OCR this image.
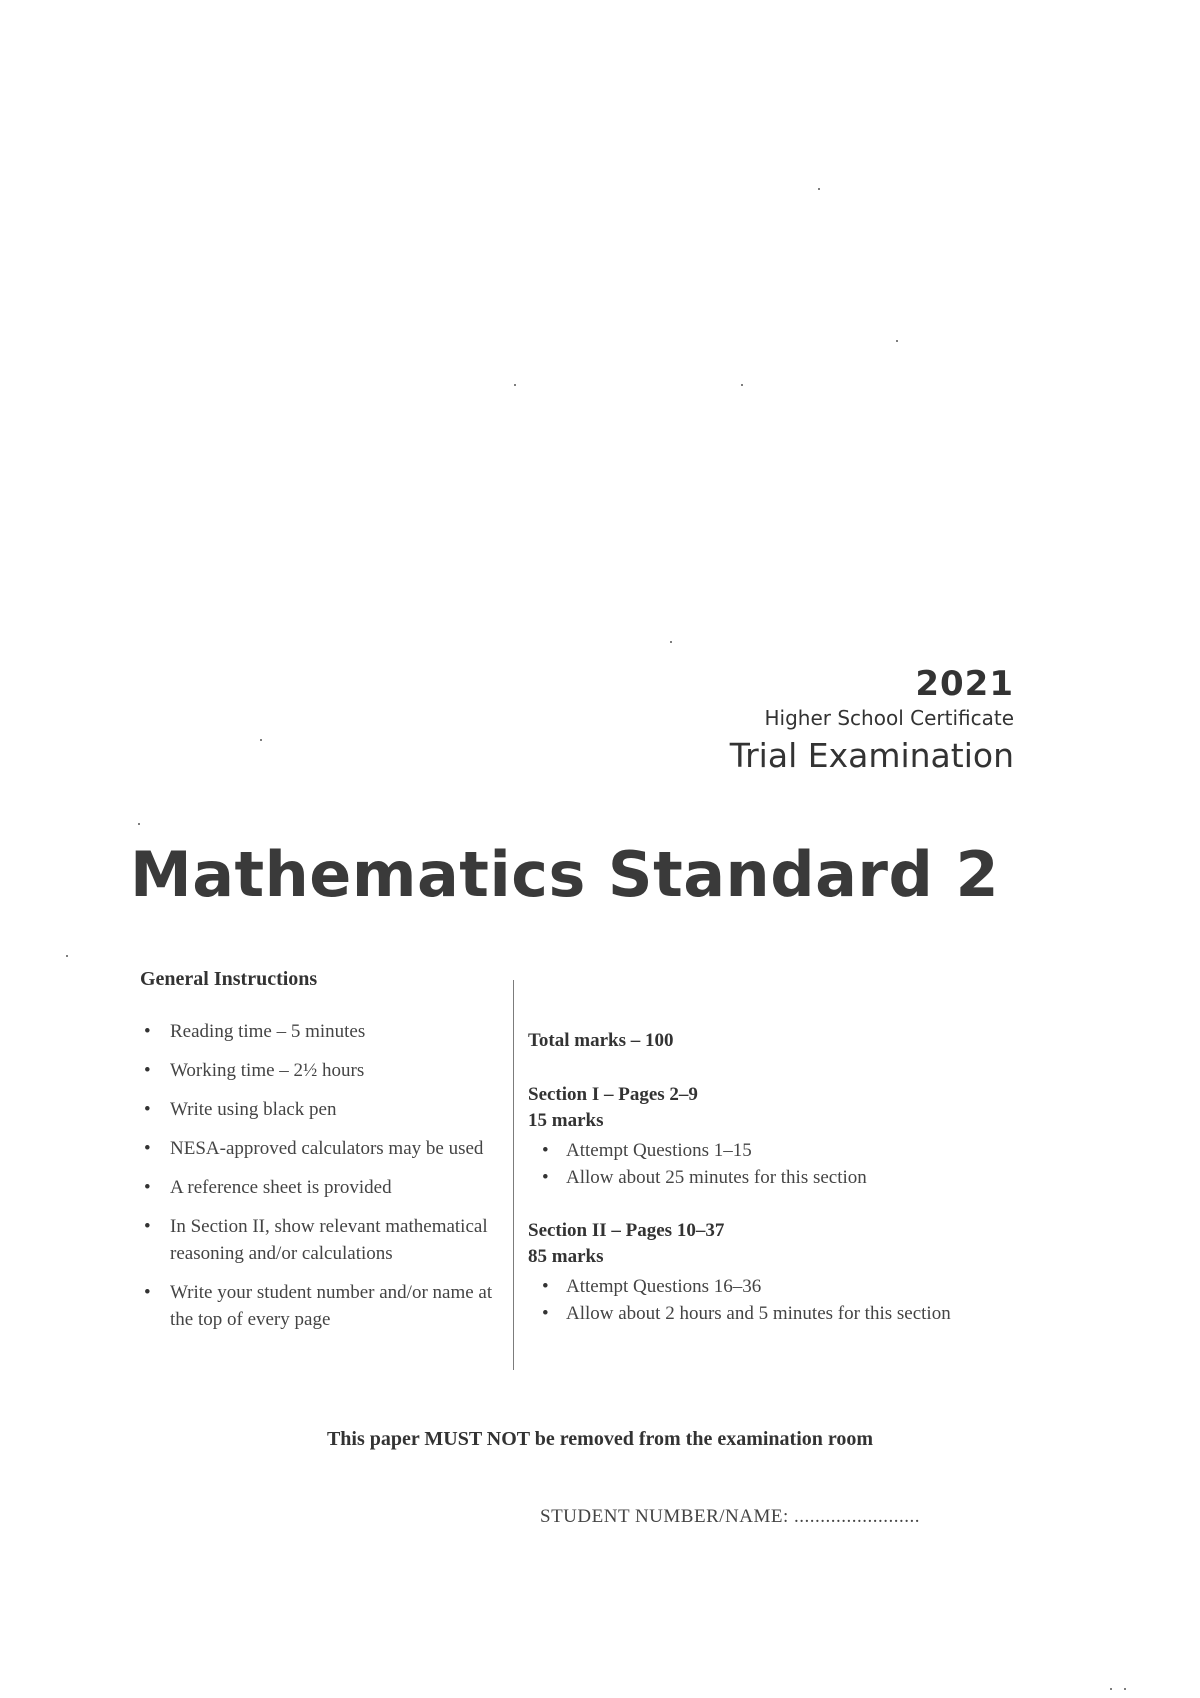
2021
Higher School Certificate
Trial Examination
Mathematics Standard 2
General Instructions
• Reading time – 5 minutes
• Working time – 2½ hours
• Write using black pen
• NESA-approved calculators may be used
• A reference sheet is provided
• In Section II, show relevant mathematical reasoning and/or calculations
• Write your student number and/or name at the top of every page
Total marks – 100
Section I – Pages 2–9
15 marks
• Attempt Questions 1–15
• Allow about 25 minutes for this section
Section II – Pages 10–37
85 marks
• Attempt Questions 16–36
• Allow about 2 hours and 5 minutes for this section
This paper MUST NOT be removed from the examination room
STUDENT NUMBER/NAME: ........................
